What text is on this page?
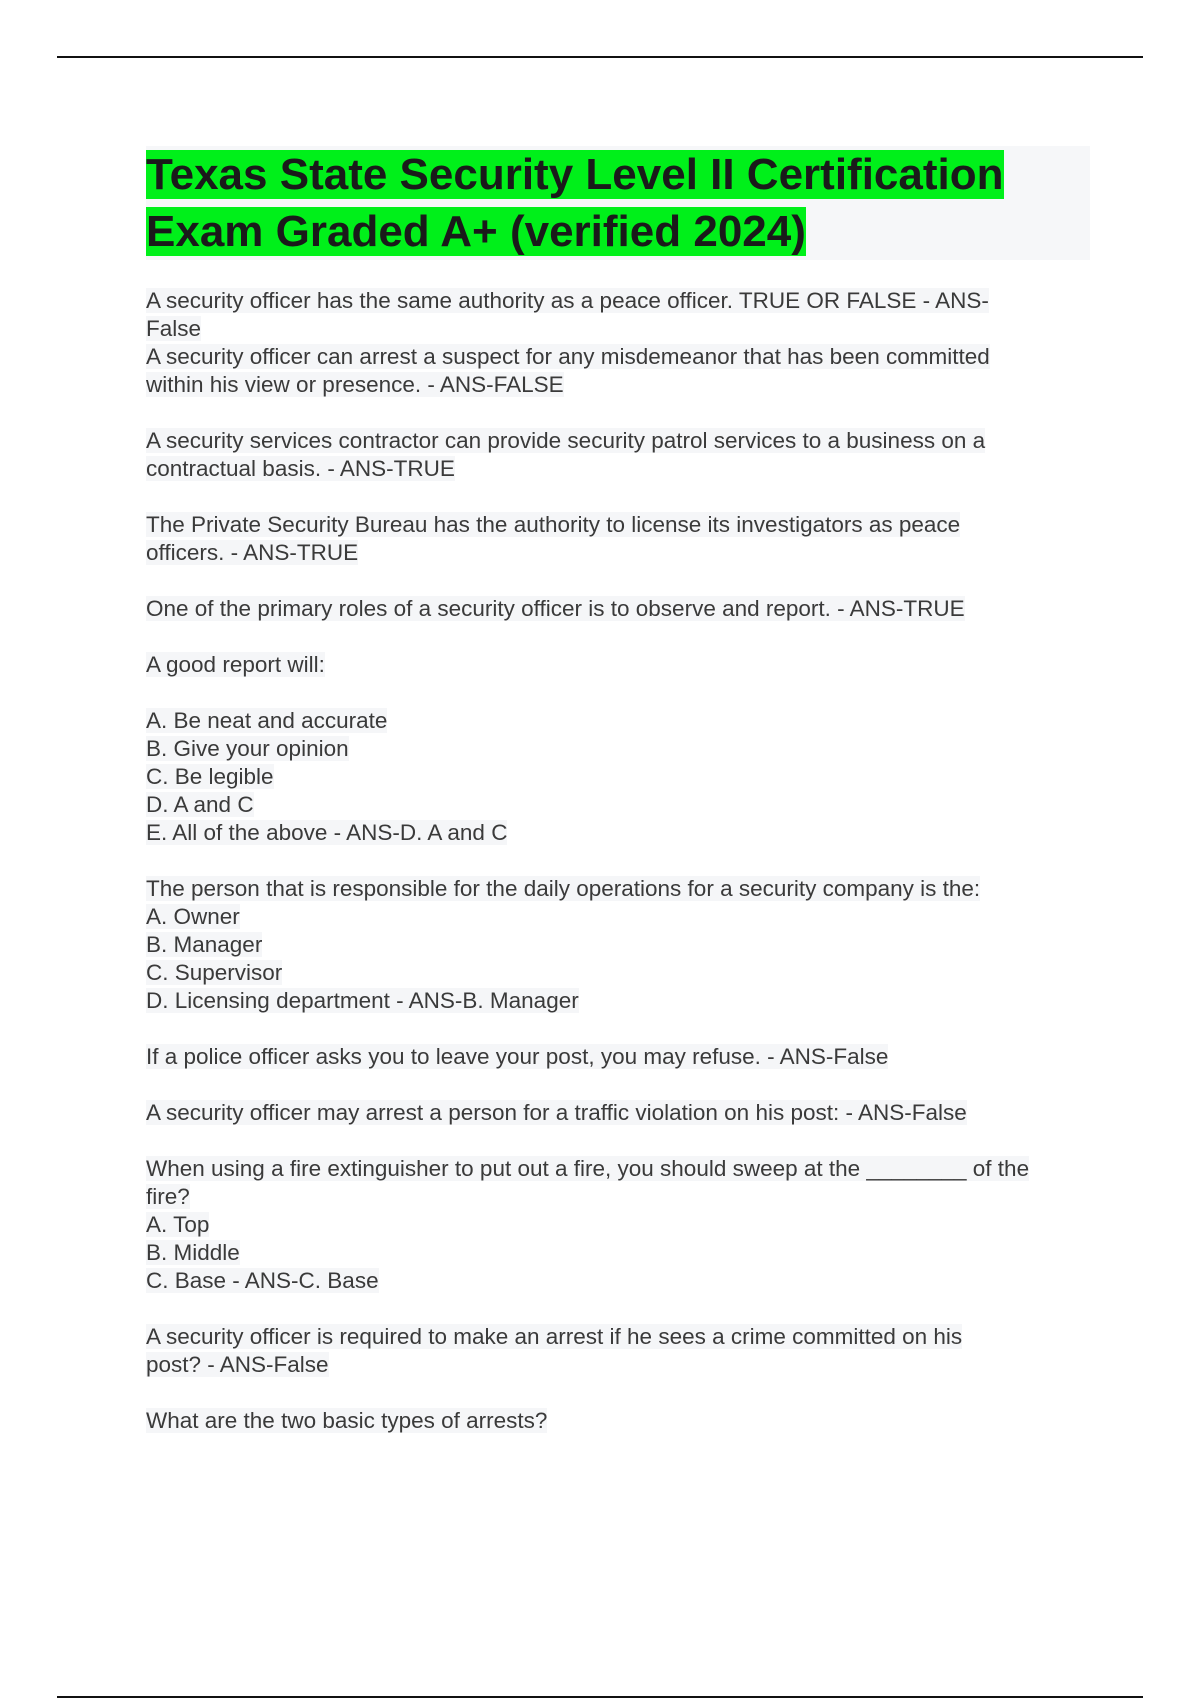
Texas State Security Level II Certification
Exam Graded A+ (verified 2024)
A security officer has the same authority as a peace officer. TRUE OR FALSE - ANS-
False
A security officer can arrest a suspect for any misdemeanor that has been committed
within his view or presence. - ANS-FALSE
A security services contractor can provide security patrol services to a business on a
contractual basis. - ANS-TRUE
The Private Security Bureau has the authority to license its investigators as peace
officers. - ANS-TRUE
One of the primary roles of a security officer is to observe and report. - ANS-TRUE
A good report will:
A. Be neat and accurate
B. Give your opinion
C. Be legible
D. A and C
E. All of the above - ANS-D. A and C
The person that is responsible for the daily operations for a security company is the:
A. Owner
B. Manager
C. Supervisor
D. Licensing department - ANS-B. Manager
If a police officer asks you to leave your post, you may refuse. - ANS-False
A security officer may arrest a person for a traffic violation on his post: - ANS-False
When using a fire extinguisher to put out a fire, you should sweep at the ________ of the
fire?
A. Top
B. Middle
C. Base - ANS-C. Base
A security officer is required to make an arrest if he sees a crime committed on his
post? - ANS-False
What are the two basic types of arrests?
